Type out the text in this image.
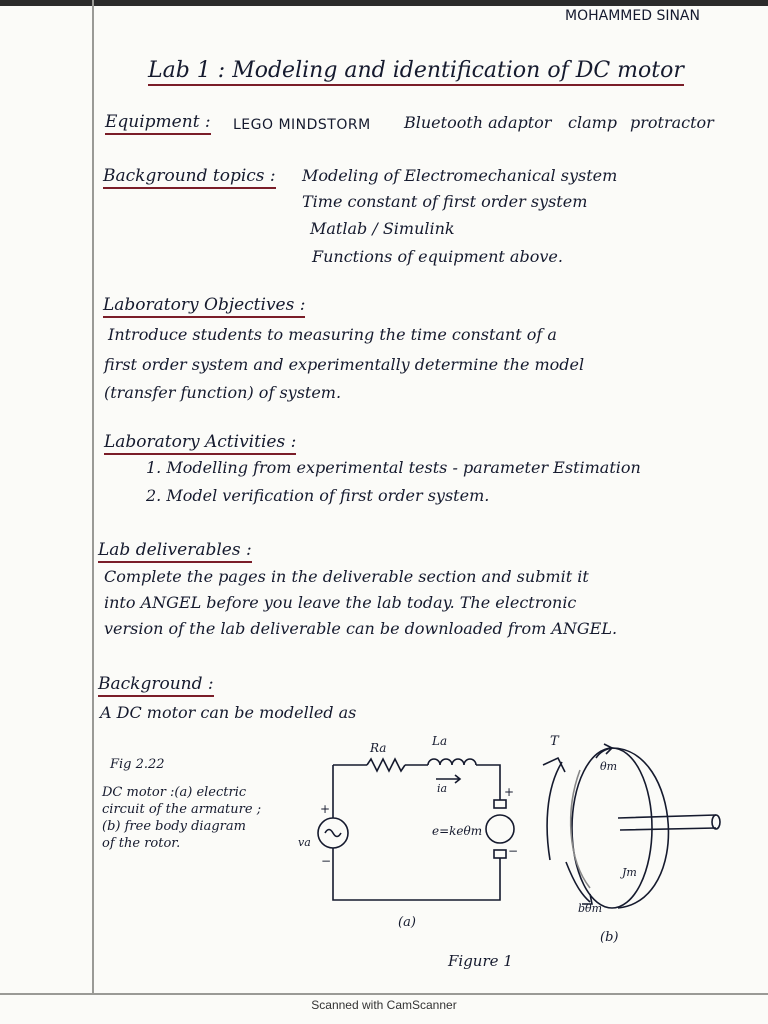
MOHAMMED SINAN
Lab 1 : Modeling and identification of DC motor
Equipment : LEGO MINDSTORM Bluetooth adaptor clamp protractor
Background topics : Modeling of Electromechanical system
Time constant of first order system
Matlab / Simulink
Functions of equipment above.
Laboratory Objectives :
Introduce students to measuring the time constant of a
first order system and experimentally determine the model
(transfer function) of system.
Laboratory Activities :
1. Modelling from experimental tests - parameter Estimation
2. Model verification of first order system.
Lab deliverables :
Complete the pages in the deliverable section and submit it
into ANGEL before you leave the lab today. The electronic
version of the lab deliverable can be downloaded from ANGEL.
Background :
A DC motor can be modelled as
Fig 2.22
DC motor :(a) electric
circuit of the armature ;
(b) free body diagram
of the rotor.
Ra	La
ia
va
+
−
e=keθm
+
−
(a)
T
θm
Jm
bθm
(b)
Figure 1
Scanned with CamScanner
